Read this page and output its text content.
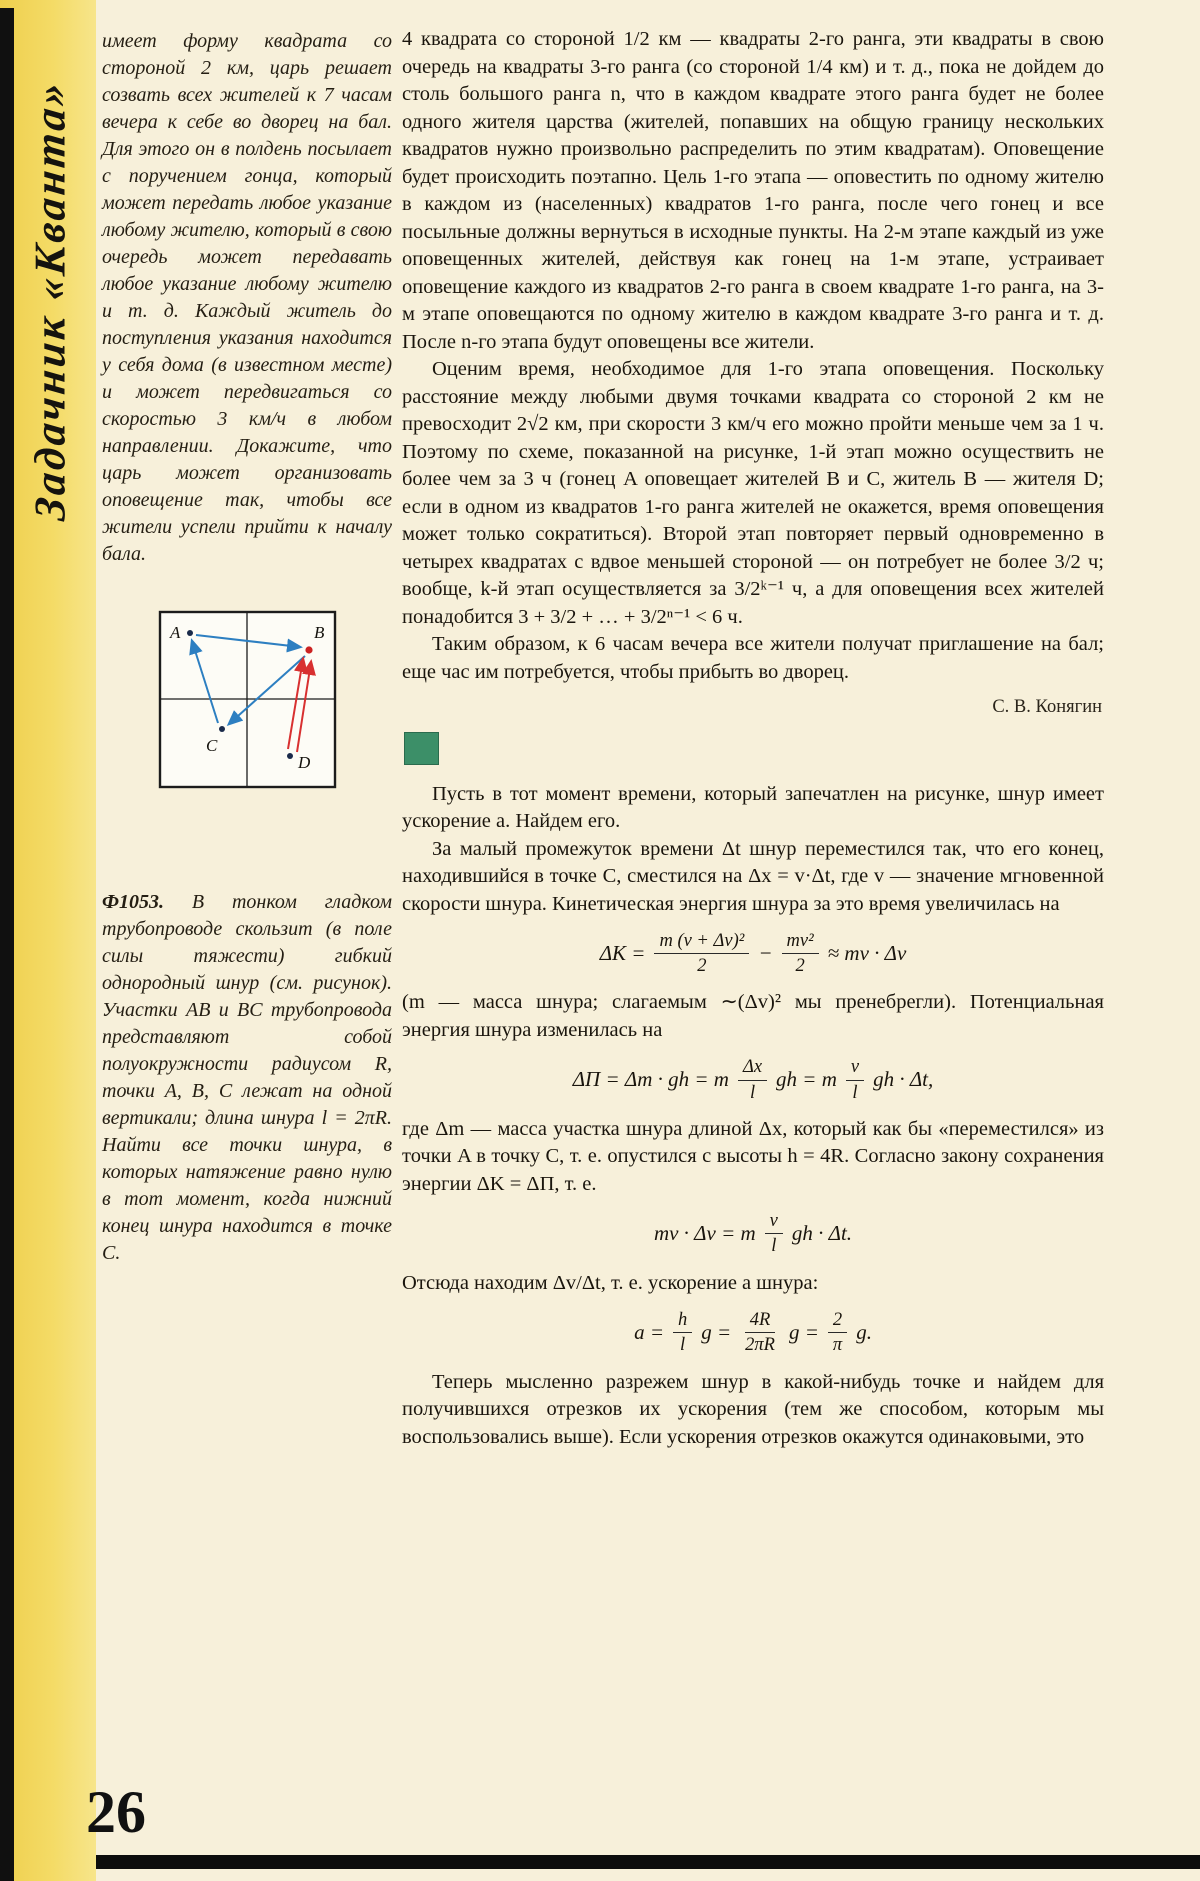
Задачник «Кванта»

имеет форму квадрата со стороной 2 км, царь решает созвать всех жителей к 7 часам вечера к себе во дворец на бал. Для этого он в полдень посылает с поручением гонца, который может передать любое указание любому жителю, который в свою очередь может передавать любое указание любому жителю и т. д. Каждый житель до поступления указания находится у себя дома (в известном месте) и может передвигаться со скоростью 3 км/ч в любом направлении. Докажите, что царь может организовать оповещение так, чтобы все жители успели прийти к началу бала.

A	B
C
D

Ф1053. В тонком гладком трубопроводе скользит (в поле силы тяжести) гибкий однородный шнур (см. рисунок). Участки AB и BC трубопровода представляют собой полуокружности радиусом R, точки A, B, C лежат на одной вертикали; длина шнура l = 2πR. Найти все точки шнура, в которых натяжение равно нулю в тот момент, когда нижний конец шнура находится в точке C.

4 квадрата со стороной 1/2 км — квадраты 2-го ранга, эти квадраты в свою очередь на квадраты 3-го ранга (со стороной 1/4 км) и т. д., пока не дойдем до столь большого ранга n, что в каждом квадрате этого ранга будет не более одного жителя царства (жителей, попавших на общую границу нескольких квадратов нужно произвольно распределить по этим квадратам). Оповещение будет происходить поэтапно. Цель 1-го этапа — оповестить по одному жителю в каждом из (населенных) квадратов 1-го ранга, после чего гонец и все посыльные должны вернуться в исходные пункты. На 2-м этапе каждый из уже оповещенных жителей, действуя как гонец на 1-м этапе, устраивает оповещение каждого из квадратов 2-го ранга в своем квадрате 1-го ранга, на 3-м этапе оповещаются по одному жителю в каждом квадрате 3-го ранга и т. д. После n-го этапа будут оповещены все жители.

Оценим время, необходимое для 1-го этапа оповещения. Поскольку расстояние между любыми двумя точками квадрата со стороной 2 км не превосходит 2√2 км, при скорости 3 км/ч его можно пройти меньше чем за 1 ч. Поэтому по схеме, показанной на рисунке, 1-й этап можно осуществить не более чем за 3 ч (гонец A оповещает жителей B и C, житель B — жителя D; если в одном из квадратов 1-го ранга жителей не окажется, время оповещения может только сократиться). Второй этап повторяет первый одновременно в четырех квадратах с вдвое меньшей стороной — он потребует не более 3/2 ч; вообще, k-й этап осуществляется за 3/2ᵏ⁻¹ ч, а для оповещения всех жителей понадобится 3 + 3/2 + … + 3/2ⁿ⁻¹ < 6 ч.

Таким образом, к 6 часам вечера все жители получат приглашение на бал; еще час им потребуется, чтобы прибыть во дворец.

С. В. Конягин

Пусть в тот момент времени, который запечатлен на рисунке, шнур имеет ускорение a. Найдем его.

За малый промежуток времени Δt шнур переместился так, что его конец, находившийся в точке C, сместился на Δx = v·Δt, где v — значение мгновенной скорости шнура. Кинетическая энергия шнура за это время увеличилась на

$\Delta K = \frac{\text{m (v + Δv)²}}{2} - \frac{\text{mv²}}{2}$ ≈ mv · Δv

(m — масса шнура; слагаемым ∼(Δv)² мы пренебрегли). Потенциальная энергия шнура изменилась на

ΔП = Δm · gh = m $\frac{\Delta x}{l}$ gh = m $\frac{v}{l}$ gh · Δt,

где Δm — масса участка шнура длиной Δx, который как бы «переместился» из точки A в точку C, т. е. опустился с высоты h = 4R. Согласно закону сохранения энергии ΔK = ΔП, т. е.

mv · Δv = m $\frac{v}{l}$ gh · Δt.

Отсюда находим Δv/Δt, т. е. ускорение a шнура:

$a = \frac{h}{l}$ $g = \frac{4R}{2\pi R}$ $g = \frac{2}{\pi} g$.

Теперь мысленно разрежем шнур в какой-нибудь точке и найдем для получившихся отрезков их ускорения (тем же способом, которым мы воспользовались выше). Если ускорения отрезков окажутся одинаковыми, это

26
